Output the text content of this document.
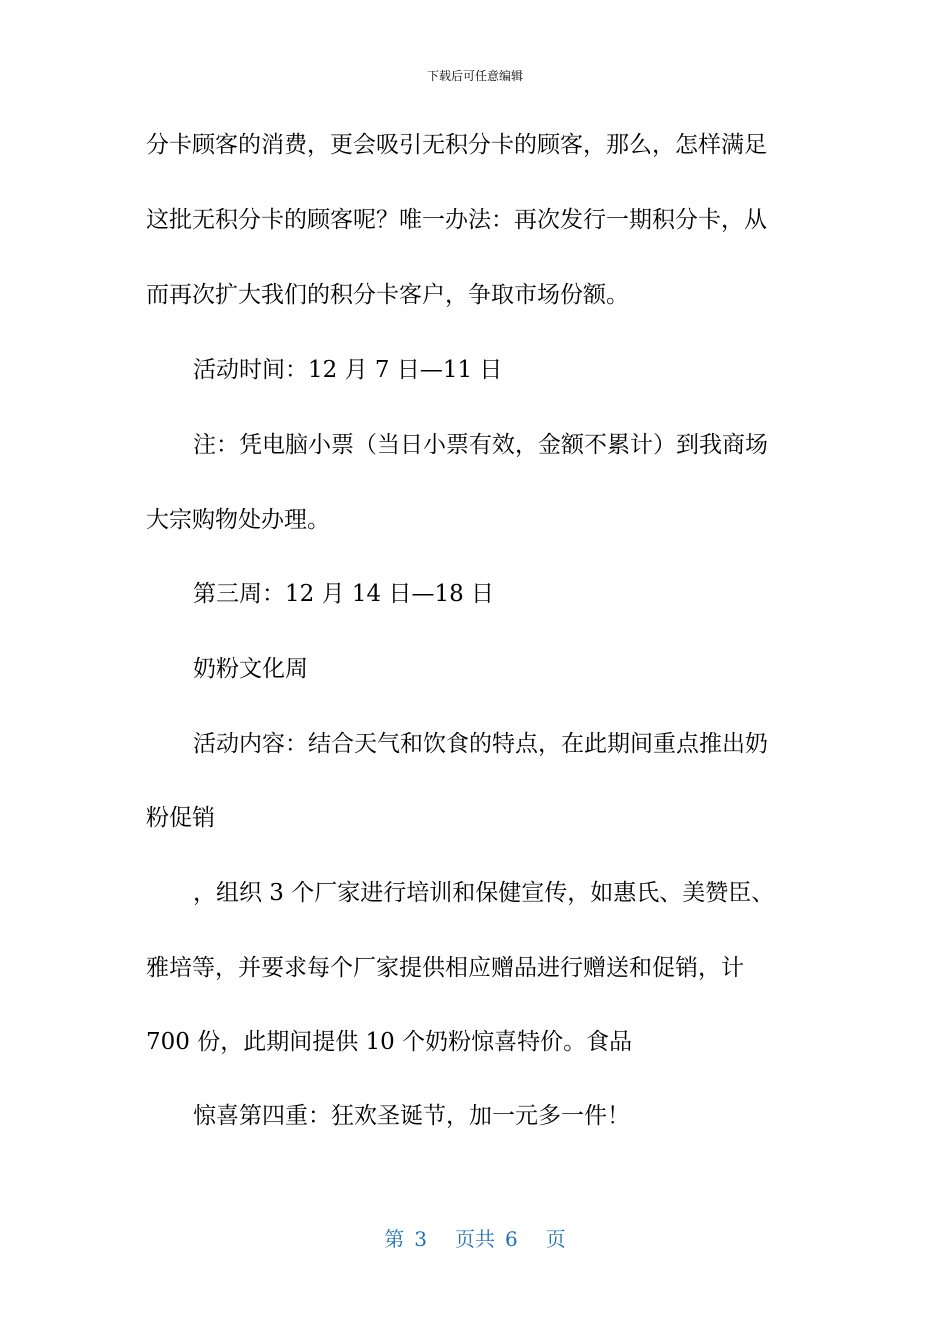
下载后可任意编辑
分卡顾客的消费，更会吸引无积分卡的顾客，那么，怎样满足
这批无积分卡的顾客呢？唯一办法：再次发行一期积分卡，从
而再次扩大我们的积分卡客户，争取市场份额。
活动时间：12 月 7 日—11 日
注：凭电脑小票（当日小票有效，金额不累计）到我商场
大宗购物处办理。
第三周：12 月 14 日—18 日
奶粉文化周
活动内容：结合天气和饮食的特点，在此期间重点推出奶
粉促销
，组织 3 个厂家进行培训和保健宣传，如惠氏、美赞臣、
雅培等，并要求每个厂家提供相应赠品进行赠送和促销，计
700 份，此期间提供 10 个奶粉惊喜特价。食品
惊喜第四重：狂欢圣诞节，加一元多一件！
第 3 页共 6 页
